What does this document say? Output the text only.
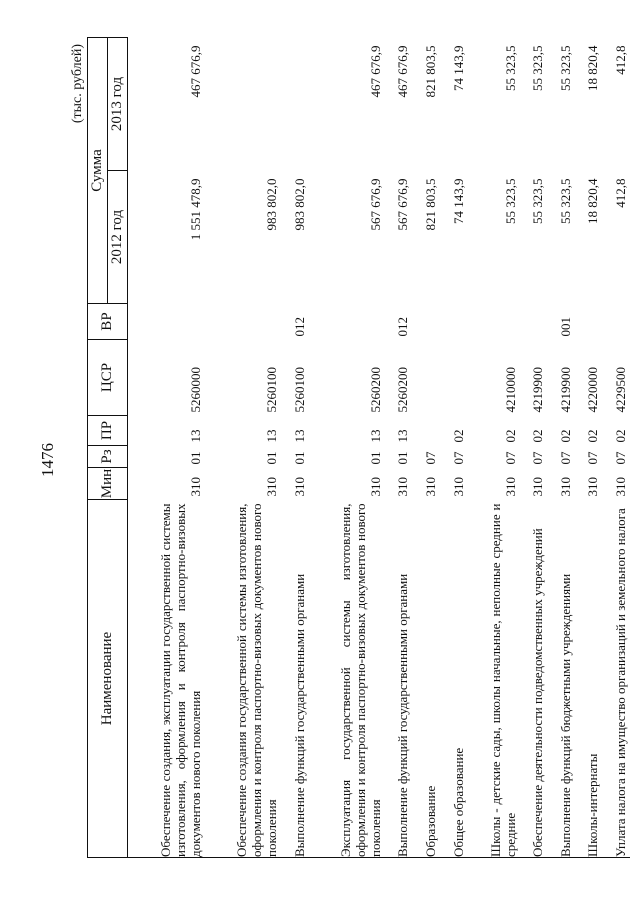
1476
(тыс. рублей)
Наименование	Мин	Рз	ПР	ЦСР	ВР	Сумма	
						2012 год	2013 год
Обеспечение создания, эксплуатации государственной системы изготовления, оформления и контроля паспортно-визовых документов нового поколения	310	01	13	5260000		1 551 478,9	467 676,9
Обеспечение создания государственной системы изготовления, оформления и контроля паспортно-визовых документов нового поколения	310	01	13	5260100		983 802,0	
Выполнение функций государственными органами	310	01	13	5260100	012	983 802,0	
Эксплуатация государственной системы изготовления, оформления и контроля паспортно-визовых документов нового поколения	310	01	13	5260200		567 676,9	467 676,9
Выполнение функций государственными органами	310	01	13	5260200	012	567 676,9	467 676,9
Образование	310	07				821 803,5	821 803,5
Общее образование	310	07	02			74 143,9	74 143,9
Школы - детские сады, школы начальные, неполные средние и средние	310	07	02	4210000		55 323,5	55 323,5
Обеспечение деятельности подведомственных учреждений	310	07	02	4219900		55 323,5	55 323,5
Выполнение функций бюджетными учреждениями	310	07	02	4219900	001	55 323,5	55 323,5
Школы-интернаты	310	07	02	4220000		18 820,4	18 820,4
Уплата налога на имущество организаций и земельного налога	310	07	02	4229500		412,8	412,8
